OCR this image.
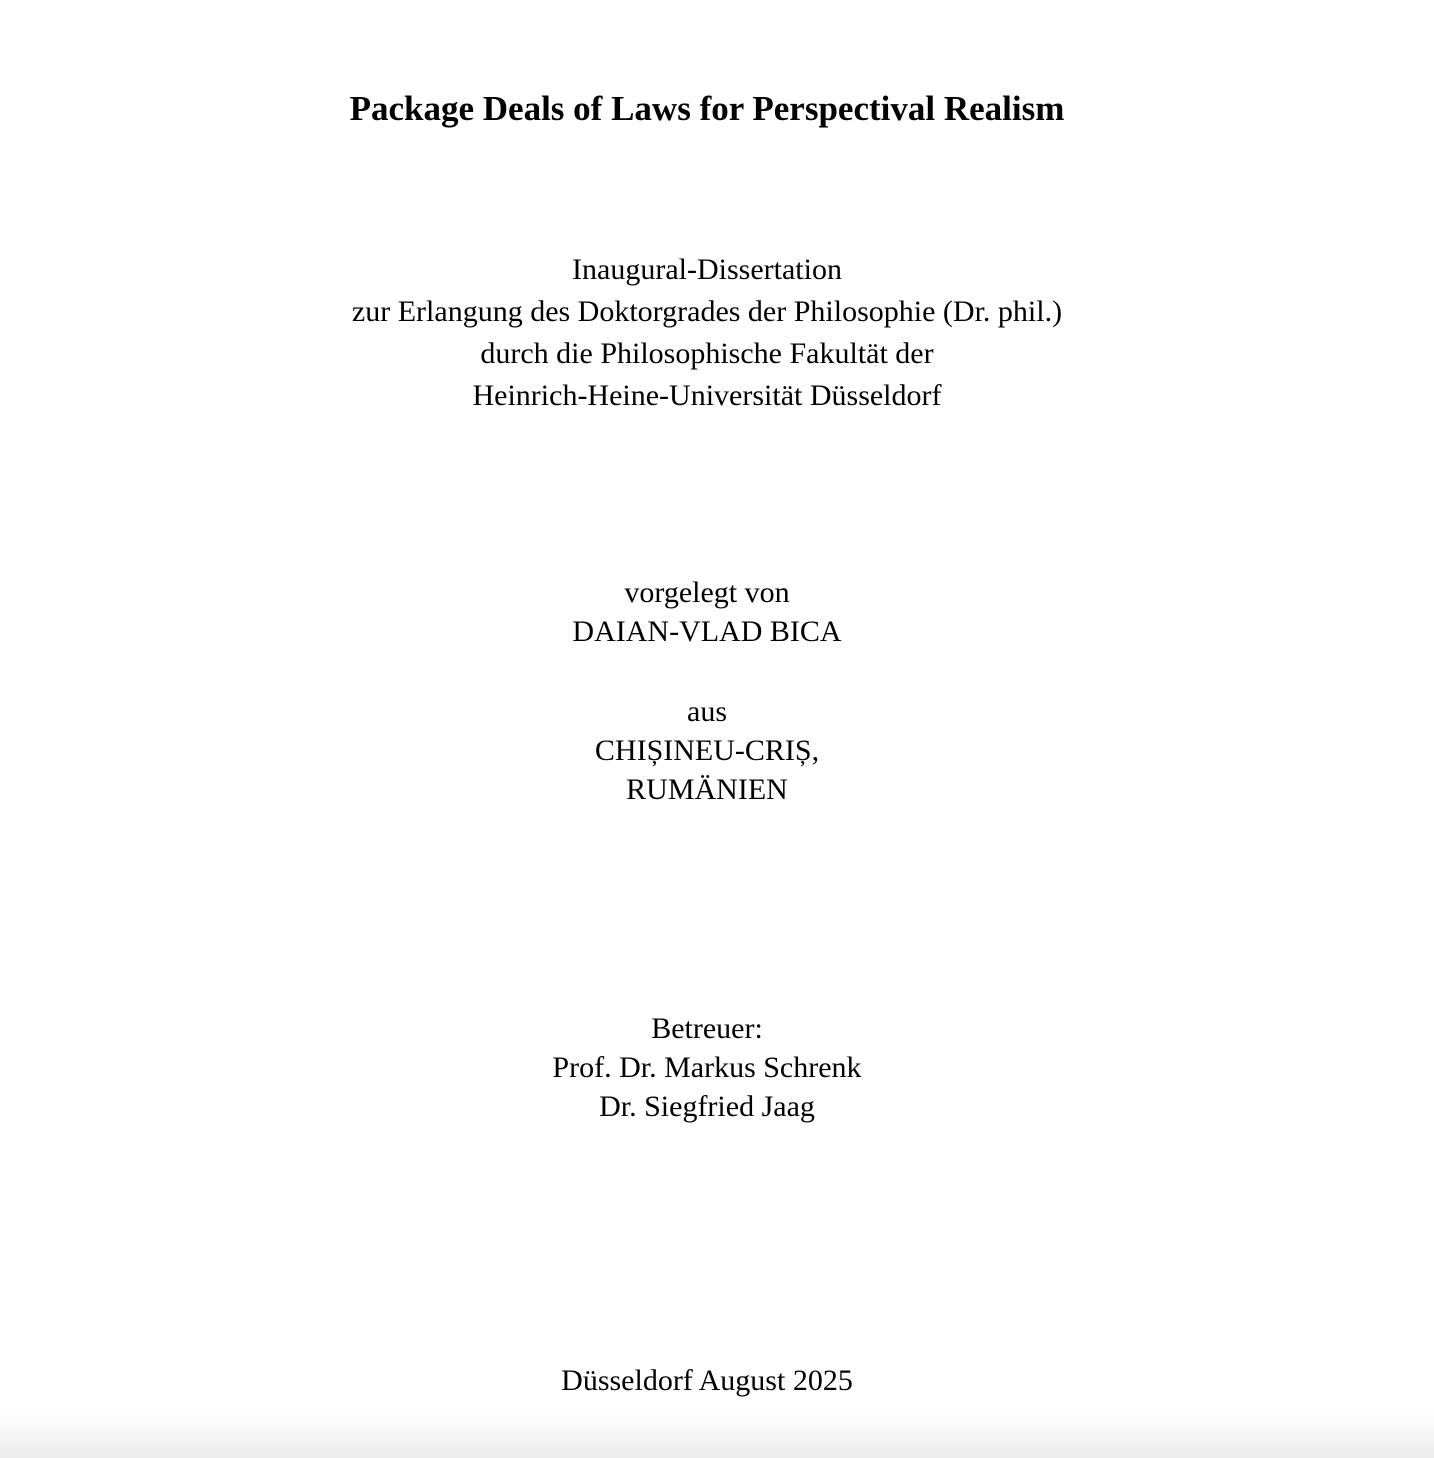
Package Deals of Laws for Perspectival Realism
Inaugural-Dissertation
zur Erlangung des Doktorgrades der Philosophie (Dr. phil.)
durch die Philosophische Fakultät der
Heinrich-Heine-Universität Düsseldorf
vorgelegt von
DAIAN-VLAD BICA
aus
CHIȘINEU-CRIȘ,
RUMÄNIEN
Betreuer:
Prof. Dr. Markus Schrenk
Dr. Siegfried Jaag
Düsseldorf August 2025
